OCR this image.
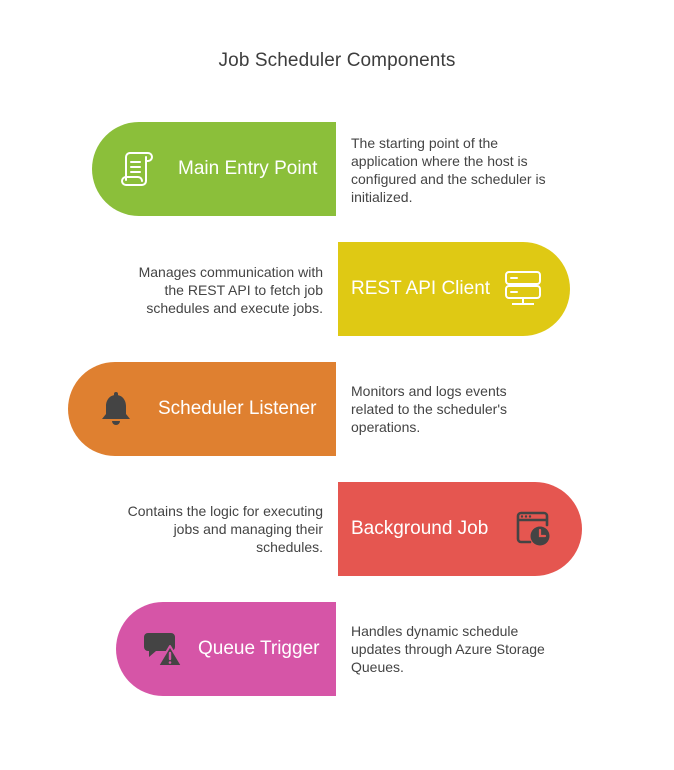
Job Scheduler Components
Main Entry Point
The starting point of the
application where the host is
configured and the scheduler is
initialized.
REST API Client
Manages communication with
the REST API to fetch job
schedules and execute jobs.
Scheduler Listener
Monitors and logs events
related to the scheduler's
operations.
Background Job
Contains the logic for executing
jobs and managing their
schedules.
Queue Trigger
Handles dynamic schedule
updates through Azure Storage
Queues.
